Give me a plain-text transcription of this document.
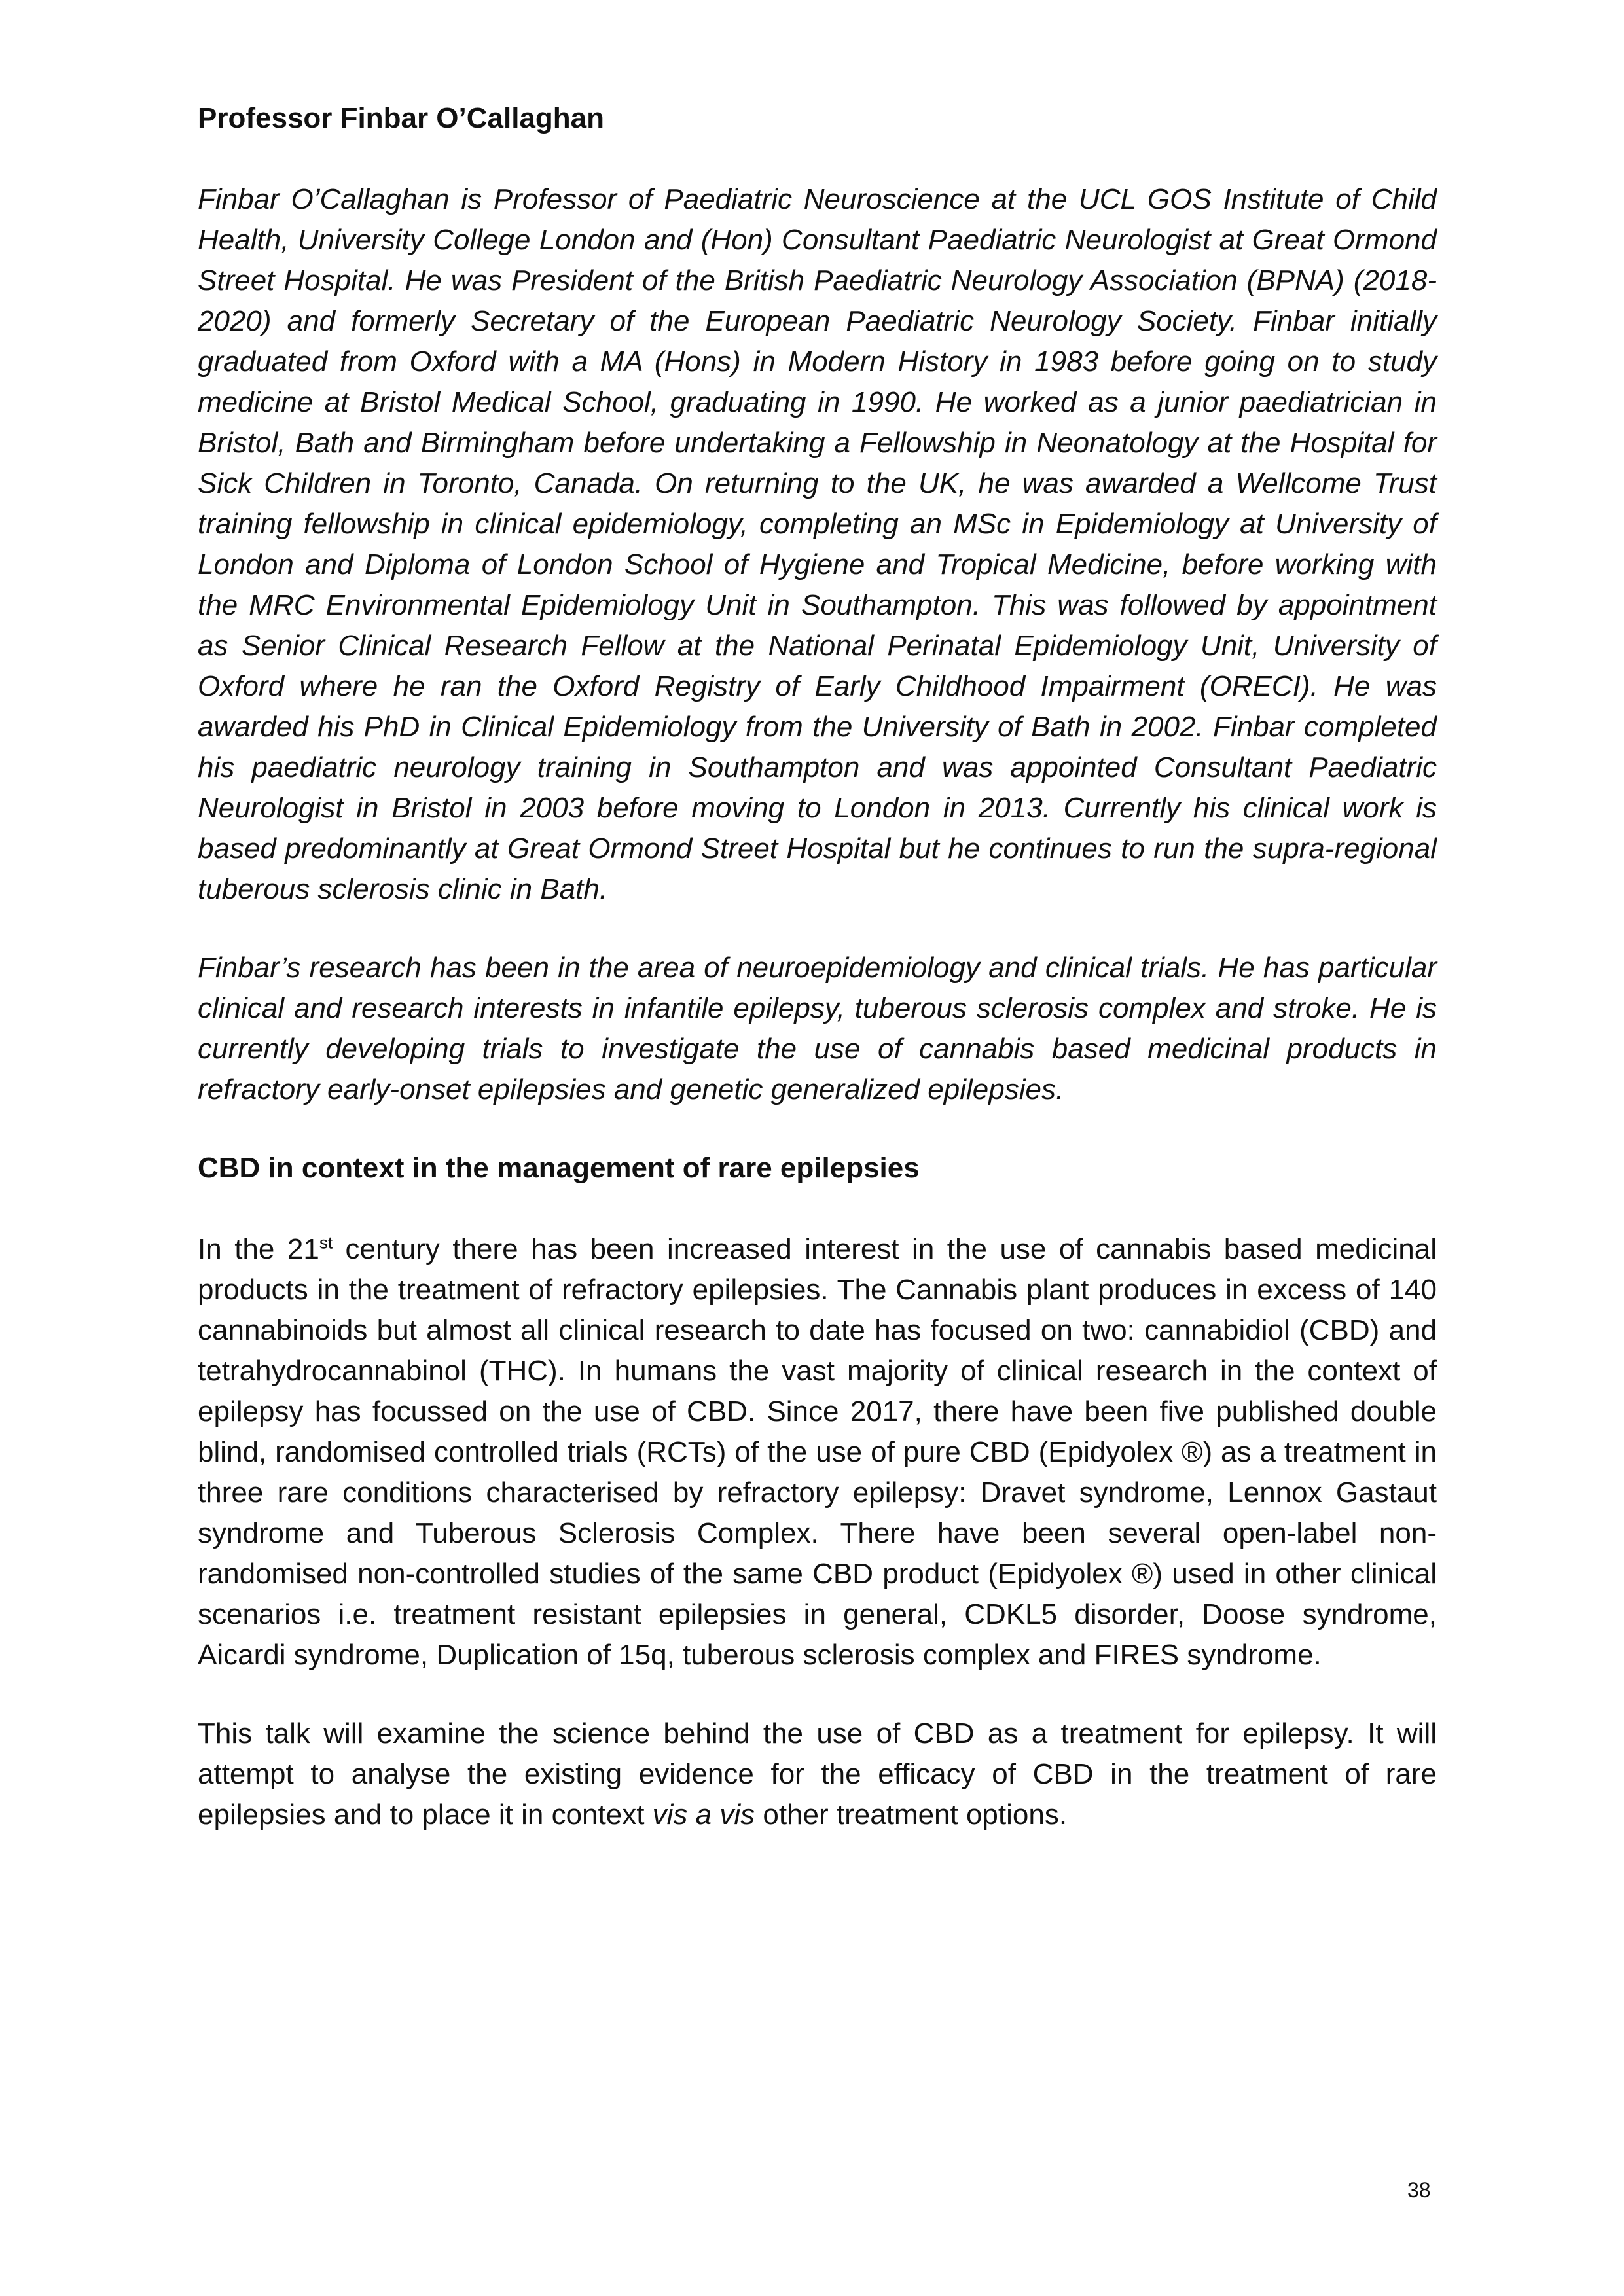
Professor Finbar O’Callaghan

Finbar O’Callaghan is Professor of Paediatric Neuroscience at the UCL GOS Institute of Child Health, University College London and (Hon) Consultant Paediatric Neurologist at Great Ormond Street Hospital. He was President of the British Paediatric Neurology Association (BPNA) (2018-2020) and formerly Secretary of the European Paediatric Neurology Society. Finbar initially graduated from Oxford with a MA (Hons) in Modern History in 1983 before going on to study medicine at Bristol Medical School, graduating in 1990. He worked as a junior paediatrician in Bristol, Bath and Birmingham before undertaking a Fellowship in Neonatology at the Hospital for Sick Children in Toronto, Canada. On returning to the UK, he was awarded a Wellcome Trust training fellowship in clinical epidemiology, completing an MSc in Epidemiology at University of London and Diploma of London School of Hygiene and Tropical Medicine, before working with the MRC Environmental Epidemiology Unit in Southampton. This was followed by appointment as Senior Clinical Research Fellow at the National Perinatal Epidemiology Unit, University of Oxford where he ran the Oxford Registry of Early Childhood Impairment (ORECI). He was awarded his PhD in Clinical Epidemiology from the University of Bath in 2002. Finbar completed his paediatric neurology training in Southampton and was appointed Consultant Paediatric Neurologist in Bristol in 2003 before moving to London in 2013. Currently his clinical work is based predominantly at Great Ormond Street Hospital but he continues to run the supra-regional tuberous sclerosis clinic in Bath.

Finbar’s research has been in the area of neuroepidemiology and clinical trials. He has particular clinical and research interests in infantile epilepsy, tuberous sclerosis complex and stroke. He is currently developing trials to investigate the use of cannabis based medicinal products in refractory early-onset epilepsies and genetic generalized epilepsies.

CBD in context in the management of rare epilepsies

In the 21st century there has been increased interest in the use of cannabis based medicinal products in the treatment of refractory epilepsies. The Cannabis plant produces in excess of 140 cannabinoids but almost all clinical research to date has focused on two: cannabidiol (CBD) and tetrahydrocannabinol (THC). In humans the vast majority of clinical research in the context of epilepsy has focussed on the use of CBD. Since 2017, there have been five published double blind, randomised controlled trials (RCTs) of the use of pure CBD (Epidyolex ®) as a treatment in three rare conditions characterised by refractory epilepsy: Dravet syndrome, Lennox Gastaut syndrome and Tuberous Sclerosis Complex. There have been several open-label non-randomised non-controlled studies of the same CBD product (Epidyolex ®) used in other clinical scenarios i.e. treatment resistant epilepsies in general, CDKL5 disorder, Doose syndrome, Aicardi syndrome, Duplication of 15q, tuberous sclerosis complex and FIRES syndrome.

This talk will examine the science behind the use of CBD as a treatment for epilepsy. It will attempt to analyse the existing evidence for the efficacy of CBD in the treatment of rare epilepsies and to place it in context vis a vis other treatment options.

38
